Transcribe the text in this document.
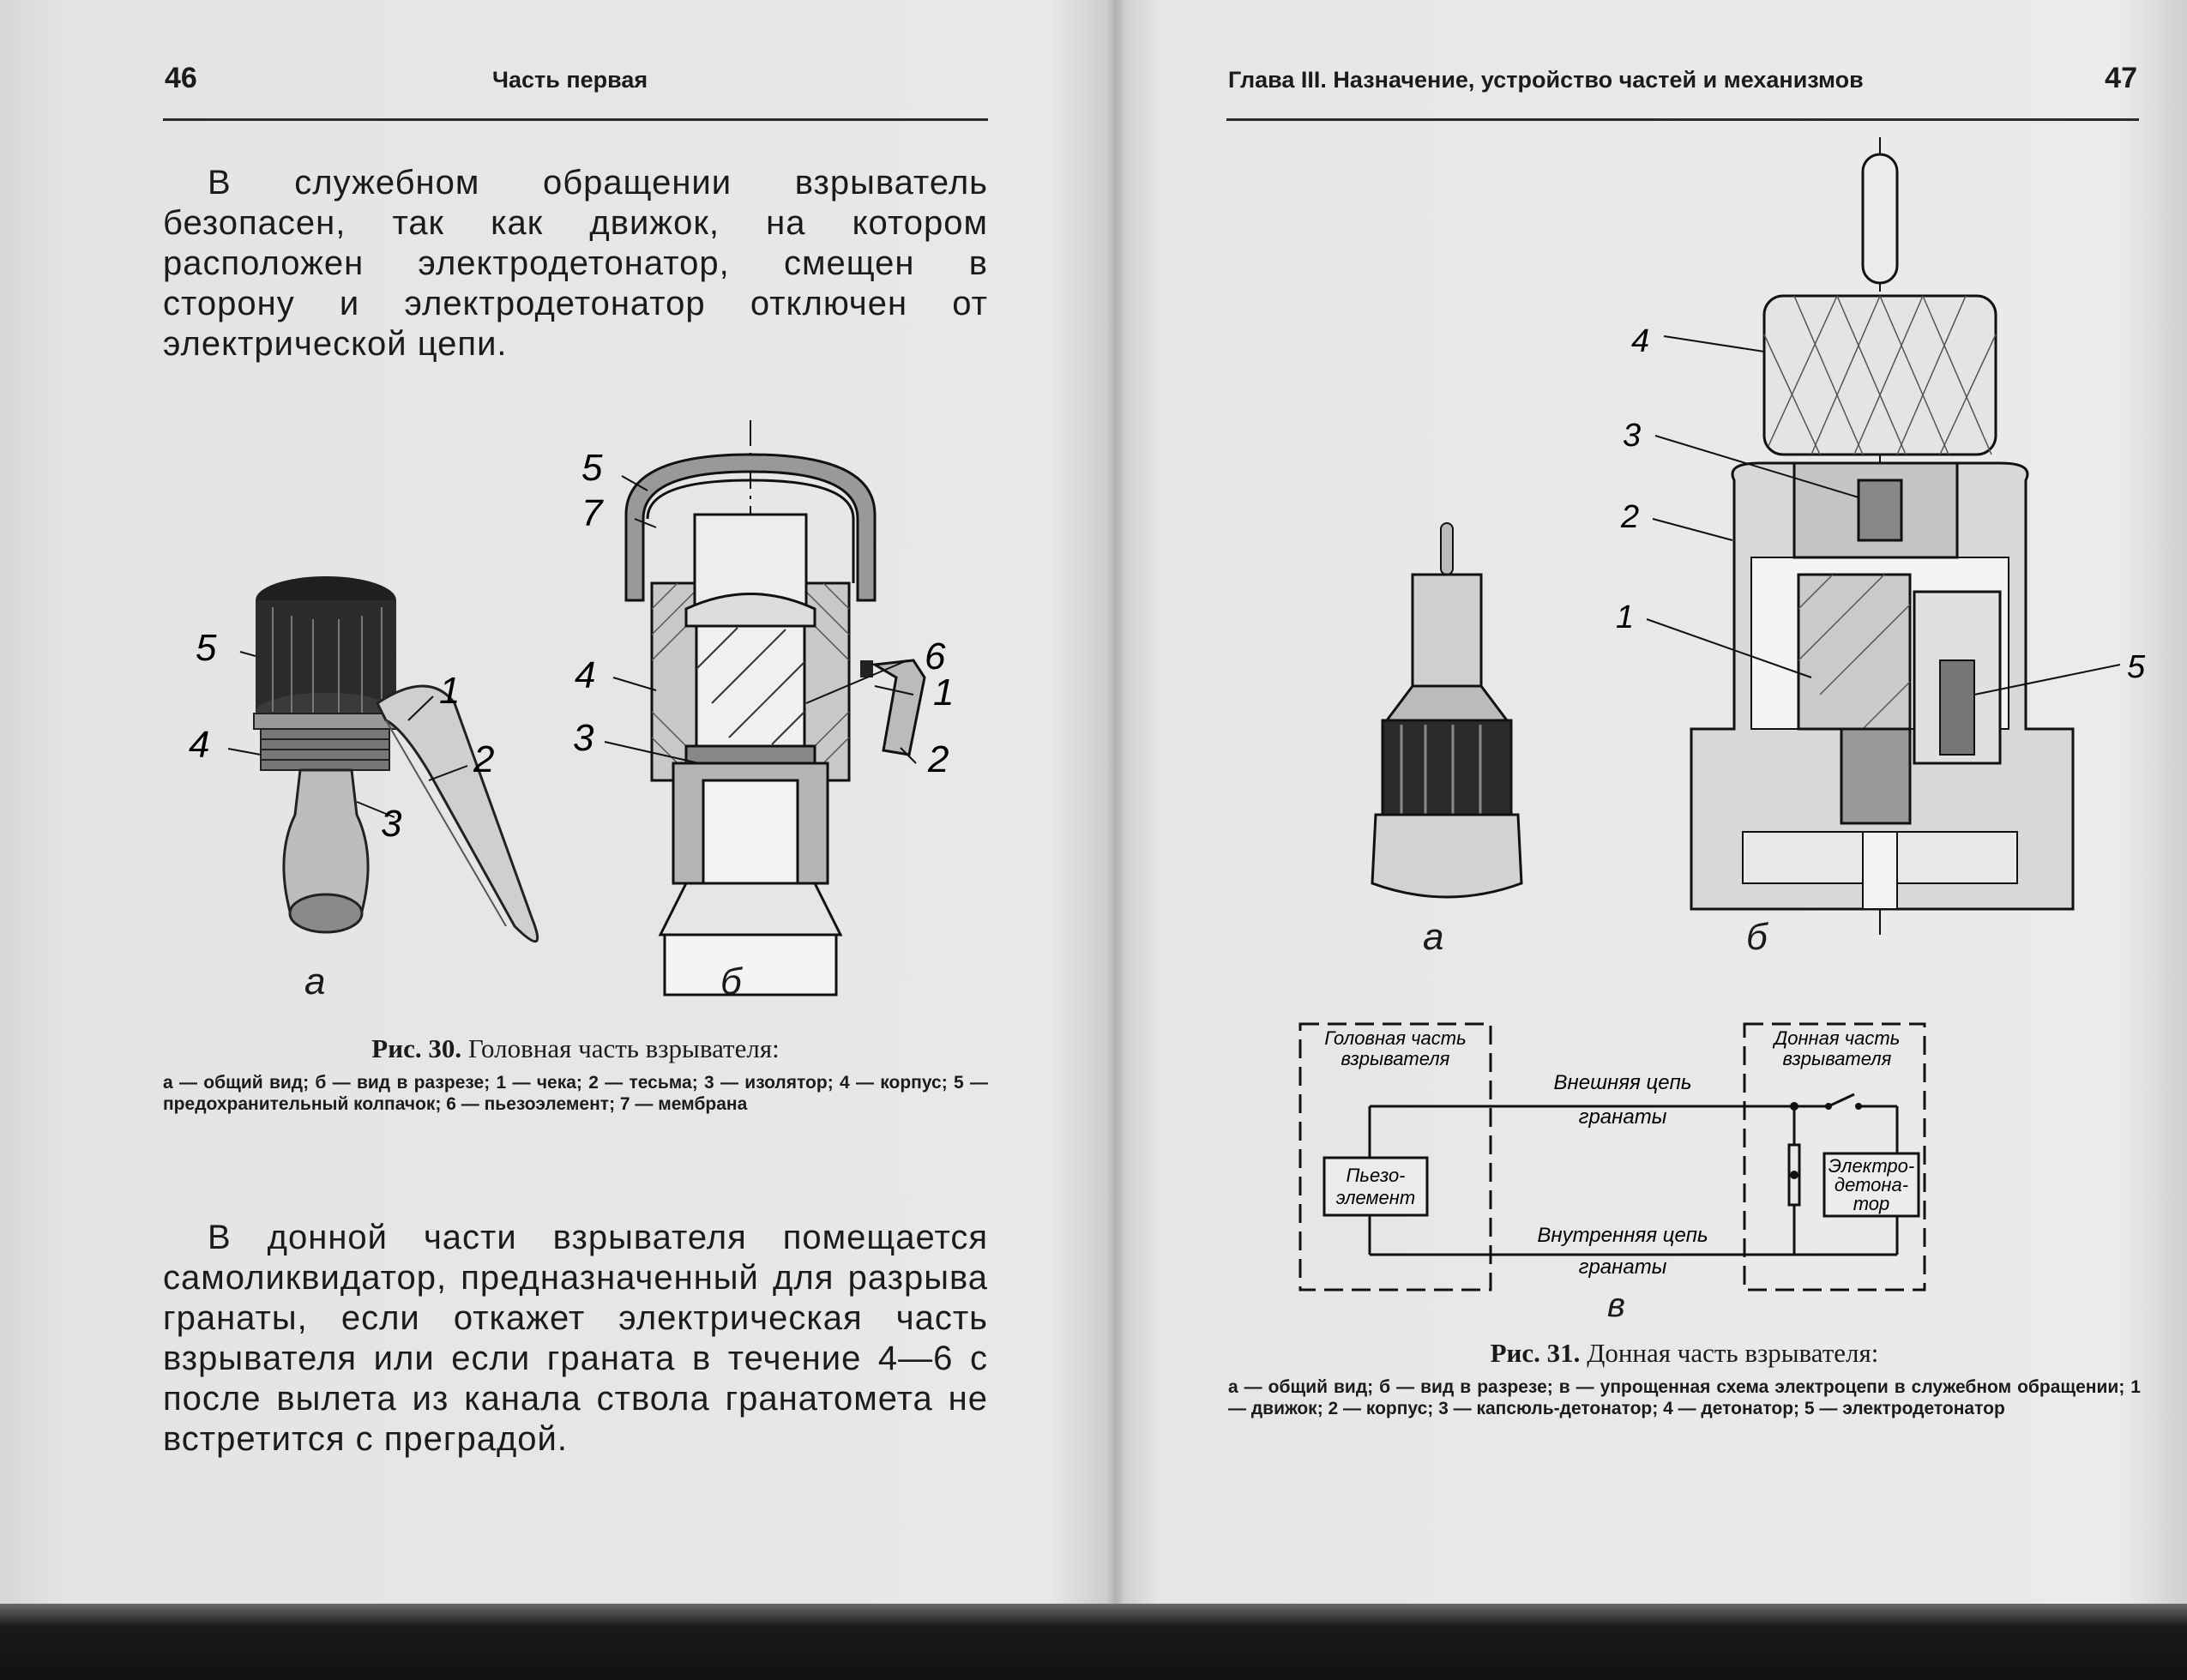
46	Часть первая

В служебном обращении взрыватель безопасен, так как движок, на котором расположен электродетонатор, смещен в сторону и электродетонатор отключен от электрической цепи.

5
1
4	2
3
5
7
6
4
3
1
2
а	б
Рис. 30. Головная часть взрывателя:
а — общий вид; б — вид в разрезе; 1 — чека; 2 — тесьма; 3 — изолятор; 4 — корпус; 5 — предохранительный колпачок; 6 — пьезоэлемент; 7 — мембрана

В донной части взрывателя помещается самоликвидатор, предназначенный для разрыва гранаты, если откажет электрическая часть взрывателя или если граната в течение 4—6 с после вылета из канала ствола гранатомета не встретится с преградой.

Глава III. Назначение, устройство частей и механизмов	47
4
3
2
1
5
а	б
Головная часть
взрывателя
Донная часть
взрывателя
Пьезо-
элемент
Электро-
детона-
тор
Внешняя цепь
гранаты
Внутренняя цепь
гранаты
в
Рис. 31. Донная часть взрывателя:
а — общий вид; б — вид в разрезе; в — упрощенная схема электроцепи в служебном обращении; 1 — движок; 2 — корпус; 3 — капсюль-детонатор; 4 — детонатор; 5 — электродетонатор
